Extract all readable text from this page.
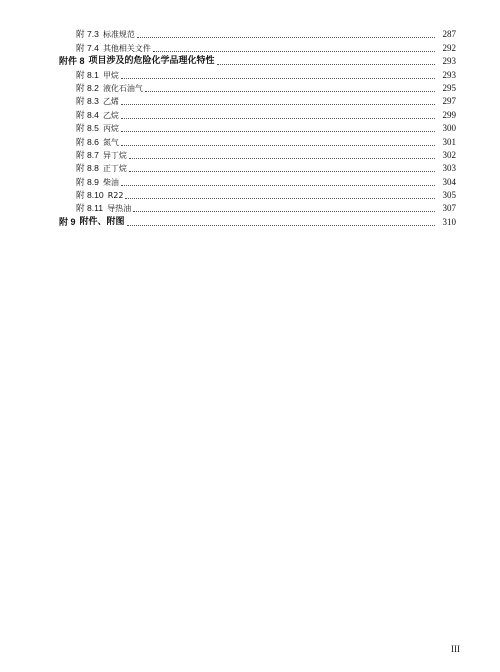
附 7.3 标准规范	287
附 7.4 其他相关文件	292
附件 8 项目涉及的危险化学品理化特性	293
附 8.1 甲烷	293
附 8.2 液化石油气	295
附 8.3 乙烯	297
附 8.4 乙烷	299
附 8.5 丙烷	300
附 8.6 氮气	301
附 8.7 异丁烷	302
附 8.8 正丁烷	303
附 8.9 柴油	304
附 8.10 R22	305
附 8.11 导热油	307
附 9 附件、附图	310
III
